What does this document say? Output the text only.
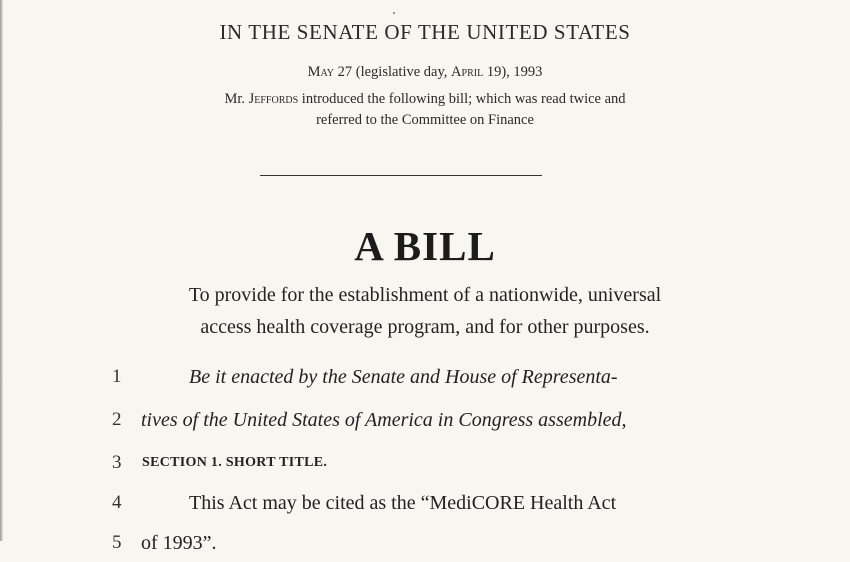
IN THE SENATE OF THE UNITED STATES

May 27 (legislative day, April 19), 1993

Mr. Jeffords introduced the following bill; which was read twice and

referred to the Committee on Finance

A BILL

To provide for the establishment of a nationwide, universal

access health coverage program, and for other purposes.

1	Be it enacted by the Senate and House of Representa-
2 tives of the United States of America in Congress assembled,
3	SECTION 1. SHORT TITLE.
4	This Act may be cited as the “MediCORE Health Act
5 of 1993”.
